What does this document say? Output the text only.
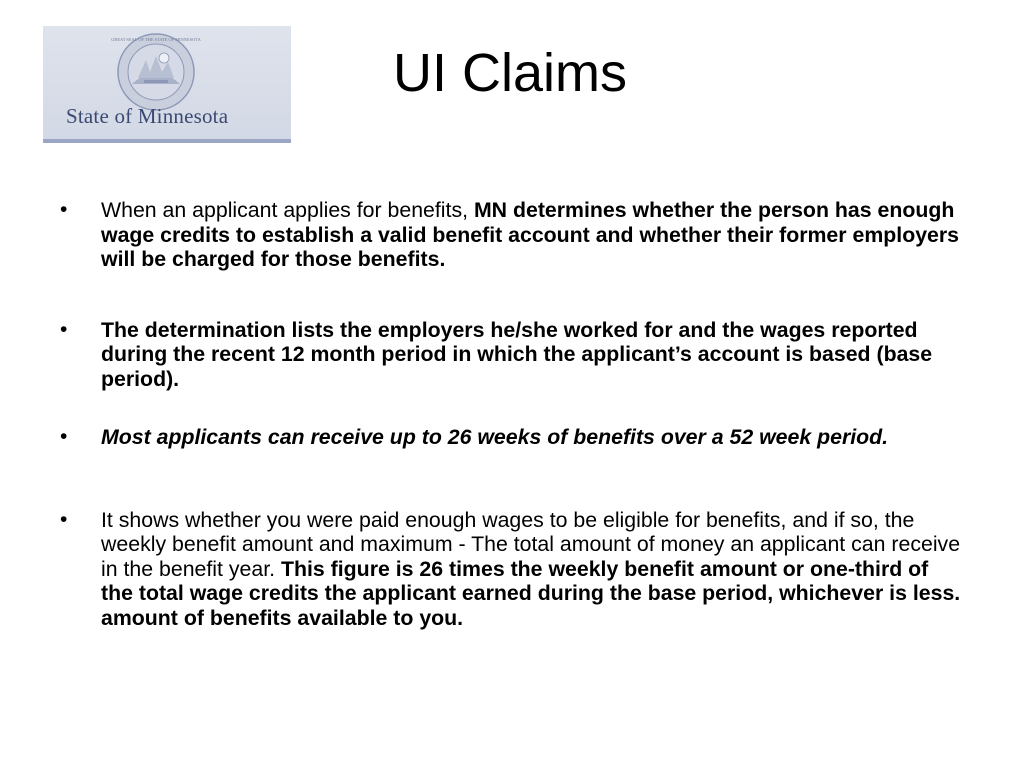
GREAT SEAL OF THE STATE OF MINNESOTA
State of Minnesota
UI Claims
• When an applicant applies for benefits, MN determines whether the person has enough wage credits to establish a valid benefit account and whether their former employers will be charged for those benefits.
• The determination lists the employers he/she worked for and the wages reported during the recent 12 month period in which the applicant’s account is based (base period).
• Most applicants can receive up to 26 weeks of benefits over a 52 week period.
• It shows whether you were paid enough wages to be eligible for benefits, and if so, the weekly benefit amount and maximum - The total amount of money an applicant can receive in the benefit year. This figure is 26 times the weekly benefit amount or one-third of the total wage credits the applicant earned during the base period, whichever is less. amount of benefits available to you.
